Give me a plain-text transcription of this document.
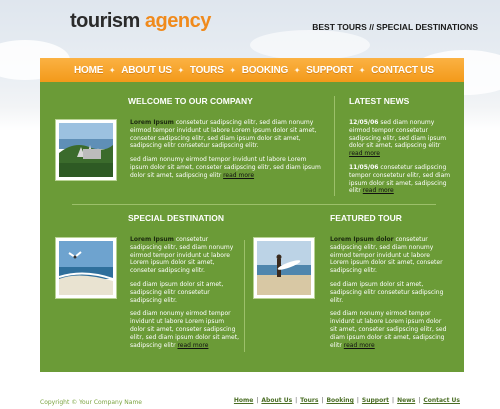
tourism agency	BEST TOURS // SPECIAL DESTINATIONS
HOME ✦ ABOUT US ✦ TOURS ✦ BOOKING ✦ SUPPORT ✦ CONTACT US
WELCOME TO OUR COMPANY

Lorem Ipsum consetetur sadipscing elitr, sed diam nonumy eirmod tempor invidunt ut labore Lorem ipsum dolor sit amet, conseter sadipscing elitr, sed diam ipsum dolor sit amet, sadipscing elitr consetetur sadipscing elitr.

sed diam nonumy eirmod tempor invidunt ut labore Lorem ipsum dolor sit amet, conseter sadipscing elitr, sed diam ipsum dolor sit amet, sadipscing elitr read more

LATEST NEWS

12/05/06 sed diam nonumy eirmod tempor consetetur sadipscing elitr, sed diam ipsum dolor sit amet, sadipscing elitr read more

11/05/06 consetetur sadipscing tempor consetetur elitr, sed diam ipsum dolor sit amet, sadipscing elitr read more

SPECIAL DESTINATION

Lorem Ipsum consetetur sadipscing elitr, sed diam nonumy eirmod tempor invidunt ut labore Lorem ipsum dolor sit amet, conseter sadipscing elitr.

sed diam ipsum dolor sit amet, sadipscing elitr consetetur sadipscing elitr.

sed diam nonumy eirmod tempor invidunt ut labore Lorem ipsum dolor sit amet, conseter sadipscing elitr, sed diam ipsum dolor sit amet, sadipscing elitr read more

FEATURED TOUR

Lorem Ipsum dolor consetetur sadipscing elitr, sed diam nonumy eirmod tempor invidunt ut labore Lorem ipsum dolor sit amet, conseter sadipscing elitr.

sed diam ipsum dolor sit amet, sadipscing elitr consetetur sadipscing elitr.

sed diam nonumy eirmod tempor invidunt ut labore Lorem ipsum dolor sit amet, conseter sadipscing elitr, sed diam ipsum dolor sit amet, sadipscing elitr read more

Copyright © Your Company Name	Home | About Us | Tours | Booking | Support | News | Contact Us
